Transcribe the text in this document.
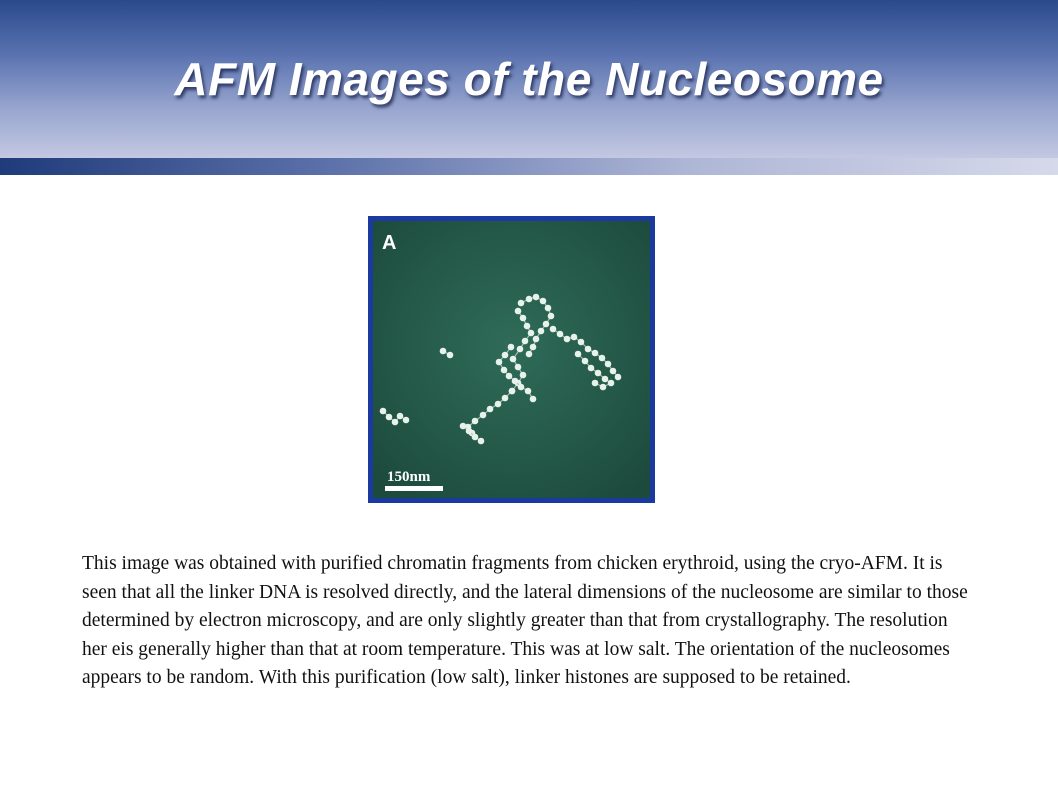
AFM Images of the Nucleosome
A
150nm
This image was obtained with purified chromatin fragments from chicken erythroid, using the cryo-AFM. It is seen that all the linker DNA is resolved directly, and the lateral dimensions of the nucleosome are similar to those determined by electron microscopy, and are only slightly greater than that from crystallography. The resolution her eis generally higher than that at room temperature. This was at low salt. The orientation of the nucleosomes appears to be random. With this purification (low salt), linker histones are supposed to be retained.
